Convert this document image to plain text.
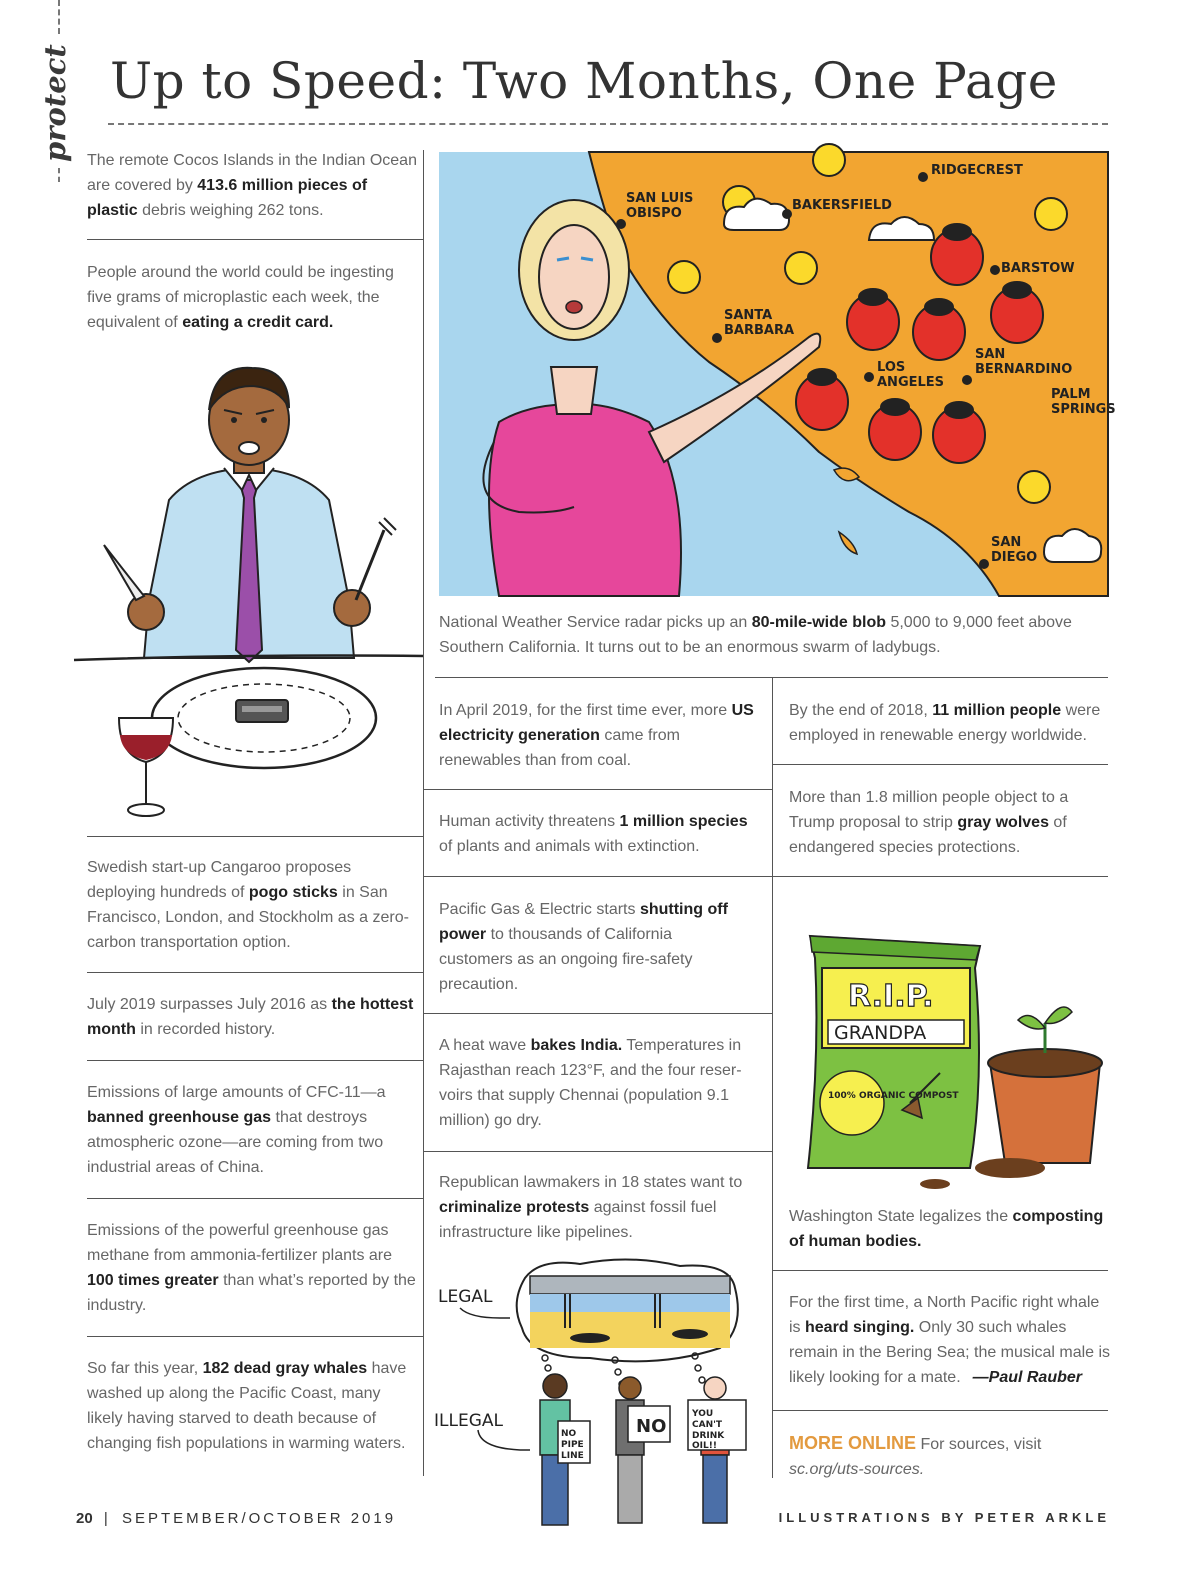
protect Up to Speed: Two Months, One Page
The remote Cocos Islands in the Indian Ocean are covered by 413.6 million pieces of plastic debris weighing 262 tons.
People around the world could be ingesting five grams of microplastic each week, the equivalent of eating a credit card.
Swedish start-up Cangaroo proposes deploying hundreds of pogo sticks in San Francisco, London, and Stockholm as a zero-carbon transportation option.
July 2019 surpasses July 2016 as the hottest month in recorded history.
Emissions of large amounts of CFC-11—a banned greenhouse gas that destroys atmospheric ozone—are coming from two industrial areas of China.
Emissions of the powerful greenhouse gas methane from ammonia-fertilizer plants are 100 times greater than what’s reported by the industry.
So far this year, 182 dead gray whales have washed up along the Pacific Coast, many likely having starved to death because of changing fish populations in warming waters.
SAN LUIS
OBISPO
BAKERSFIELD
RIDGECREST
BARSTOW
SANTA
BARBARA
LOS
ANGELES
SAN
BERNARDINO
PALM
SPRINGS
SAN
DIEGO
National Weather Service radar picks up an 80-mile-wide blob 5,000 to 9,000 feet above Southern California. It turns out to be an enormous swarm of ladybugs.
In April 2019, for the first time ever, more US electricity generation came from renewables than from coal.
Human activity threatens 1 million species of plants and animals with extinction.
Pacific Gas & Electric starts shutting off power to thousands of California customers as an ongoing fire-safety precaution.
A heat wave bakes India. Temperatures in Rajasthan reach 123°F, and the four reser-voirs that supply Chennai (population 9.1 million) go dry.
Republican lawmakers in 18 states want to criminalize protests against fossil fuel infrastructure like pipelines.
LEGAL
ILLEGAL
NO
PIPE
LINE
NO
YOU
CAN'T
DRINK
OIL!!
By the end of 2018, 11 million people were employed in renewable energy worldwide.
More than 1.8 million people object to a Trump proposal to strip gray wolves of endangered species protections.
R.I.P.
GRANDPA
100% ORGANIC COMPOST
Washington State legalizes the composting of human bodies.
For the first time, a North Pacific right whale is heard singing. Only 30 such whales remain in the Bering Sea; the musical male is likely looking for a mate. —Paul Rauber
MORE ONLINE For sources, visit
sc.org/uts-sources.
20 | SEPTEMBER/OCTOBER 2019	ILLUSTRATIONS BY PETER ARKLE
